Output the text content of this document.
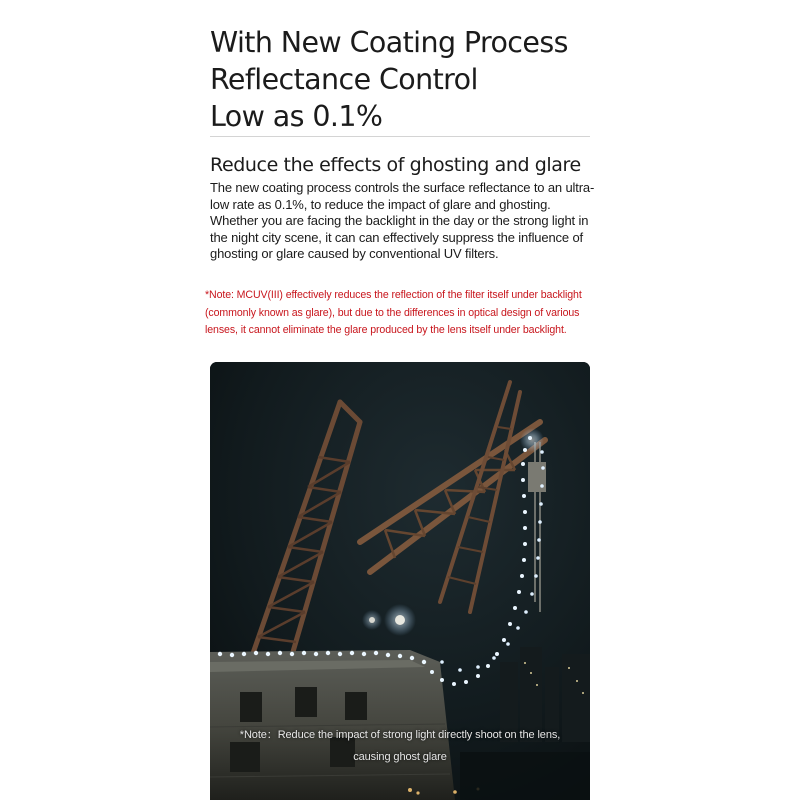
With New Coating Process
Reflectance Control
Low as 0.1%
Reduce the effects of ghosting and glare

The new coating process controls the surface reflectance to an ultra-low rate as 0.1%, to reduce the impact of glare and ghosting.

Whether you are facing the backlight in the day or the strong light in the night city scene, it can can effectively suppress the influence of ghosting or glare caused by conventional UV filters.

*Note: MCUV(III) effectively reduces the reflection of the filter itself under backlight (commonly known as glare), but due to the differences in optical design of various lenses, it cannot eliminate the glare produced by the lens itself under backlight.
*Note：Reduce the impact of strong light directly shoot on the lens,
causing ghost glare
